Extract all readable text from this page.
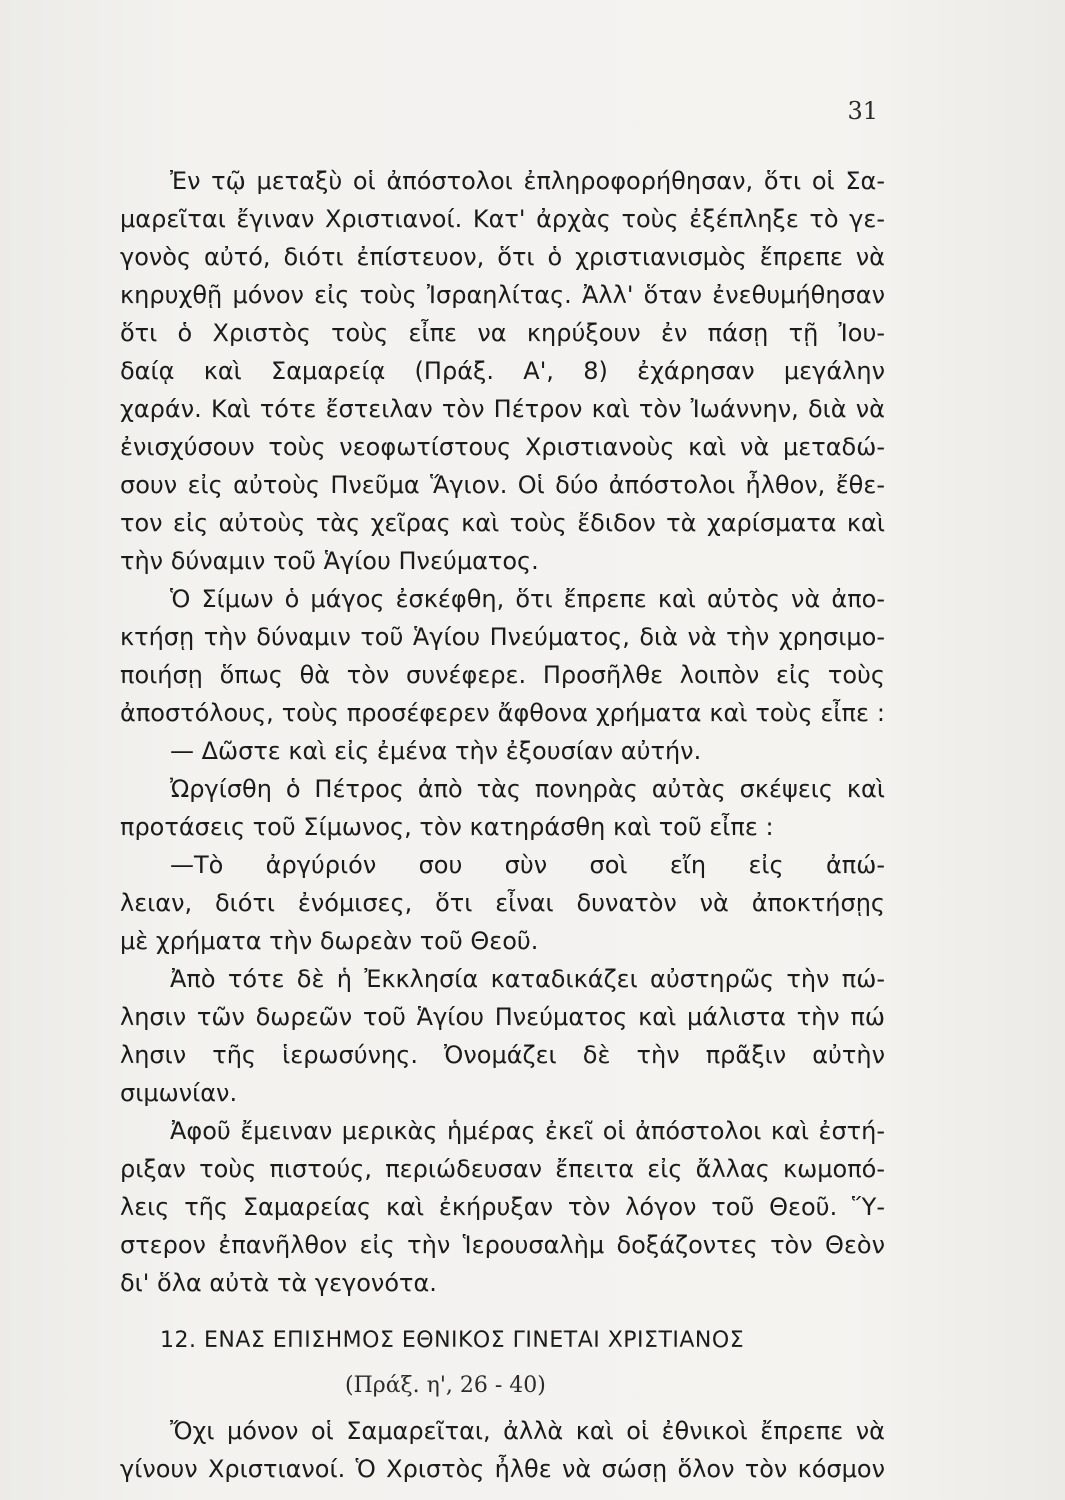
31
Ἐν τῷ μεταξὺ οἱ ἀπόστολοι ἐπληροφορήθησαν, ὅτι οἱ Σα-
μαρεῖται ἔγιναν Χριστιανοί. Κατ' ἀρχὰς τοὺς ἐξέπληξε τὸ γε-
γονὸς αὐτό, διότι ἐπίστευον, ὅτι ὁ χριστιανισμὸς ἔπρεπε νὰ
κηρυχθῇ μόνον εἰς τοὺς Ἰσραηλίτας. Ἀλλ' ὅταν ἐνεθυμήθησαν
ὅτι ὁ Χριστὸς τοὺς εἶπε να κηρύξουν ἐν πάσῃ τῇ Ἰου-
δαίᾳ καὶ Σαμαρείᾳ (Πράξ. Α', 8) ἐχάρησαν μεγάλην
χαράν. Καὶ τότε ἔστειλαν τὸν Πέτρον καὶ τὸν Ἰωάννην, διὰ νὰ
ἐνισχύσουν τοὺς νεοφωτίστους Χριστιανοὺς καὶ νὰ μεταδώ-
σουν εἰς αὐτοὺς Πνεῦμα Ἅγιον. Οἱ δύο ἀπόστολοι ἦλθον, ἔθε-
τον εἰς αὐτοὺς τὰς χεῖρας καὶ τοὺς ἔδιδον τὰ χαρίσματα καὶ
τὴν δύναμιν τοῦ Ἁγίου Πνεύματος.
Ὁ Σίμων ὁ μάγος ἐσκέφθη, ὅτι ἔπρεπε καὶ αὐτὸς νὰ ἀπο-
κτήσῃ τὴν δύναμιν τοῦ Ἁγίου Πνεύματος, διὰ νὰ τὴν χρησιμο-
ποιήσῃ ὅπως θὰ τὸν συνέφερε. Προσῆλθε λοιπὸν εἰς τοὺς
ἀποστόλους, τοὺς προσέφερεν ἄφθονα χρήματα καὶ τοὺς εἶπε :
— Δῶστε καὶ εἰς ἐμένα τὴν ἐξουσίαν αὐτήν.
Ὠργίσθη ὁ Πέτρος ἀπὸ τὰς πονηρὰς αὐτὰς σκέψεις καὶ
προτάσεις τοῦ Σίμωνος, τὸν κατηράσθη καὶ τοῦ εἶπε :
—Τὸ ἀργύριόν σου σὺν σοὶ εἴη εἰς ἀπώ-
λειαν, διότι ἐνόμισες, ὅτι εἶναι δυνατὸν νὰ ἀποκτήσῃς
μὲ χρήματα τὴν δωρεὰν τοῦ Θεοῦ.
Ἀπὸ τότε δὲ ἡ Ἐκκλησία καταδικάζει αὐστηρῶς τὴν πώ-
λησιν τῶν δωρεῶν τοῦ Ἁγίου Πνεύματος καὶ μάλιστα τὴν πώ
λησιν τῆς ἱερωσύνης. Ὀνομάζει δὲ τὴν πρᾶξιν αὐτὴν
σιμωνίαν.
Ἀφοῦ ἔμειναν μερικὰς ἡμέρας ἐκεῖ οἱ ἀπόστολοι καὶ ἐστή-
ριξαν τοὺς πιστούς, περιώδευσαν ἔπειτα εἰς ἄλλας κωμοπό-
λεις τῆς Σαμαρείας καὶ ἐκήρυξαν τὸν λόγον τοῦ Θεοῦ. Ὕ-
στερον ἐπανῆλθον εἰς τὴν Ἱερουσαλὴμ δοξάζοντες τὸν Θεὸν
δι' ὅλα αὐτὰ τὰ γεγονότα.
12. ΕΝΑΣ ΕΠΙΣΗΜΟΣ ΕΘΝΙΚΟΣ ΓΙΝΕΤΑΙ ΧΡΙΣΤΙΑΝΟΣ
(Πράξ. η', 26 - 40)
Ὄχι μόνον οἱ Σαμαρεῖται, ἀλλὰ καὶ οἱ ἐθνικοὶ ἔπρεπε νὰ
γίνουν Χριστιανοί. Ὁ Χριστὸς ἦλθε νὰ σώσῃ ὅλον τὸν κόσμον
